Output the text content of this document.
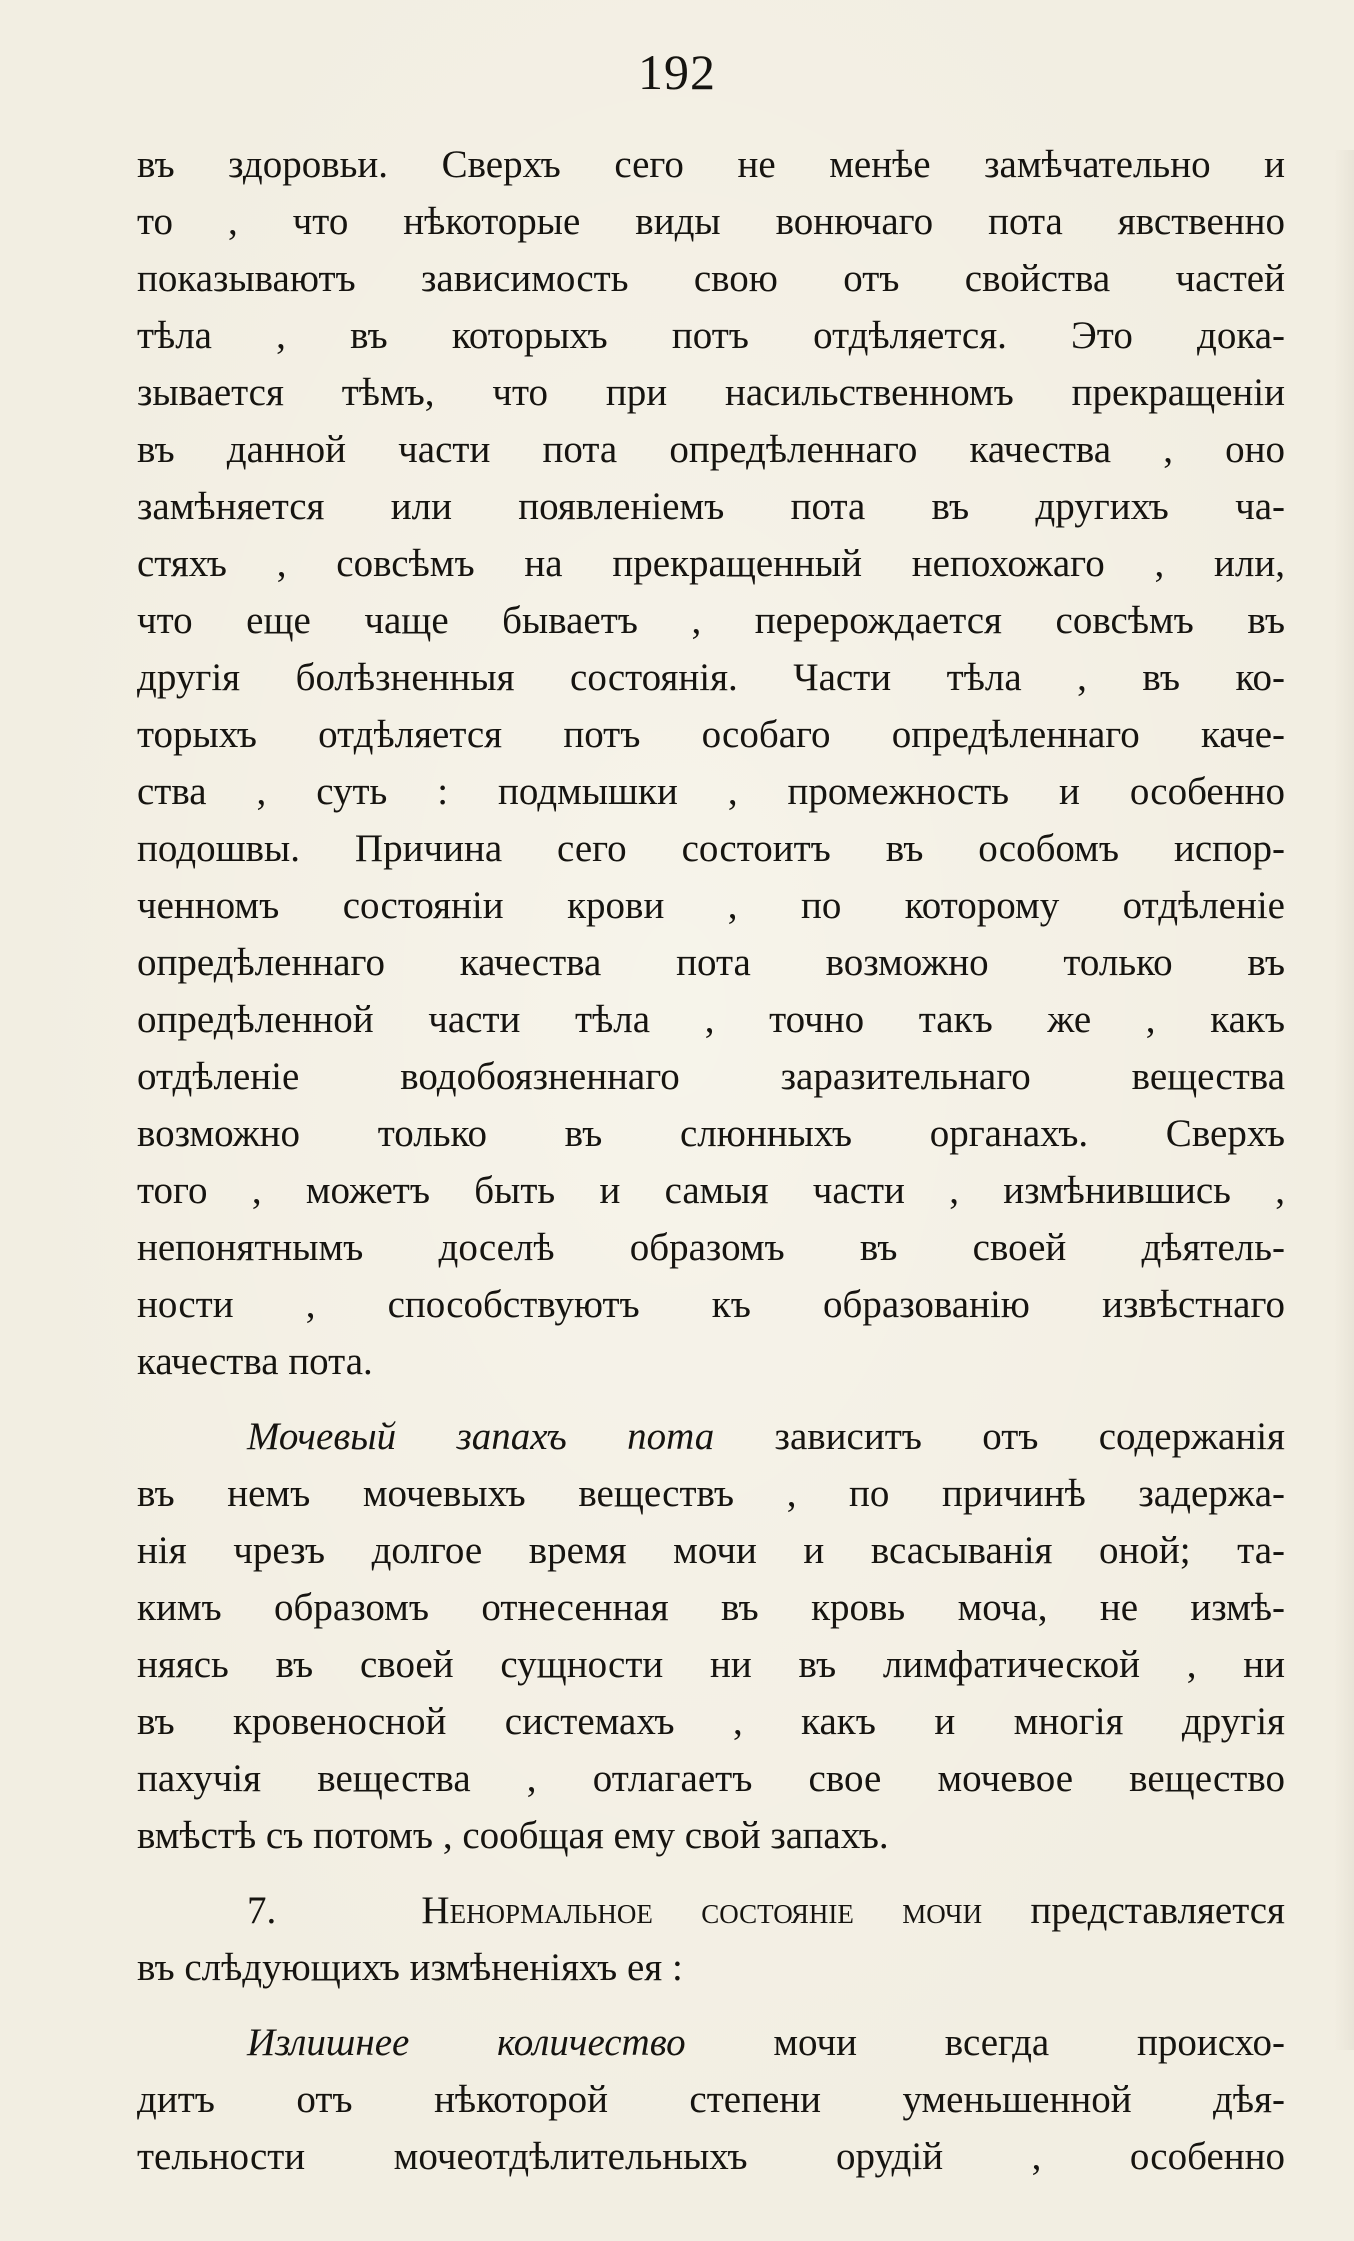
192
въ здоровьи. Сверхъ сего не менѣе замѣчательно и
то , что нѣкоторые виды вонючаго пота явственно
показываютъ зависимость свою отъ свойства частей
тѣла , въ которыхъ потъ отдѣляется. Это дока-
зывается тѣмъ, что при насильственномъ прекращенiи
въ данной части пота опредѣленнаго качества , оно
замѣняется или появленiемъ пота въ другихъ ча-
стяхъ , совсѣмъ на прекращенный непохожаго , или,
что еще чаще бываетъ , перерождается совсѣмъ въ
другiя болѣзненныя состоянiя. Части тѣла , въ ко-
торыхъ отдѣляется потъ особаго опредѣленнаго каче-
ства , суть : подмышки , промежность и особенно
подошвы. Причина сего состоитъ въ особомъ испор-
ченномъ состоянiи крови , по которому отдѣленiе
опредѣленнаго качества пота возможно только въ
опредѣленной части тѣла , точно такъ же , какъ
отдѣленiе водобоязненнаго заразительнаго вещества
возможно только въ слюнныхъ органахъ. Сверхъ
того , можетъ быть и самыя части , измѣнившись ,
непонятнымъ доселѣ образомъ въ своей дѣятель-
ности , способствуютъ къ образованiю извѣстнаго
качества пота.
Мочевый запахъ пота зависитъ отъ содержанiя
въ немъ мочевыхъ веществъ , по причинѣ задержа-
нiя чрезъ долгое время мочи и всасыванiя оной; та-
кимъ образомъ отнесенная въ кровь моча, не измѣ-
няясь въ своей сущности ни въ лимфатической , ни
въ кровеносной системахъ , какъ и многiя другiя
пахучiя вещества , отлагаетъ свое мочевое вещество
вмѣстѣ съ потомъ , сообщая ему свой запахъ.
7.	Ненормальное состоянiе мочи представляется
въ слѣдующихъ измѣненiяхъ ея :
Излишнее количество мочи всегда происхо-
дитъ отъ нѣкоторой степени уменьшенной дѣя-
тельности мочеотдѣлительныхъ орудiй , особенно
